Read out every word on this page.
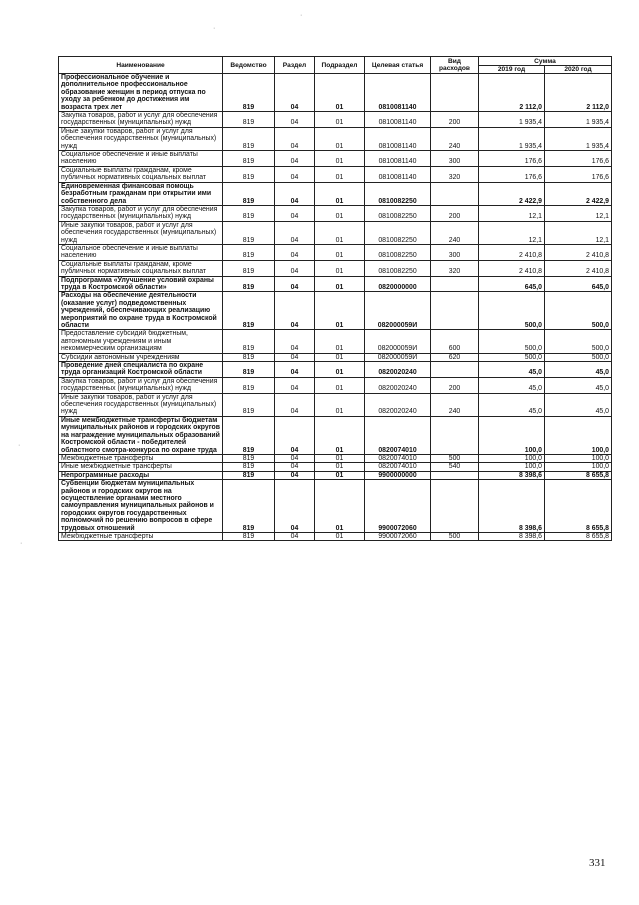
·
·
·
·
Наименование	Ведомство	Раздел	Подраздел	Целевая статья	Вид расходов	Сумма	
						2019 год	2020 год
Профессиональное обучение и дополнительное профессиональное образование женщин в период отпуска по уходу за ребенком до достижения им возраста трех лет	819	04	01	0810081140		2 112,0	2 112,0
Закупка товаров, работ и услуг для обеспечения государственных (муниципальных) нужд	819	04	01	0810081140	200	1 935,4	1 935,4
Иные закупки товаров, работ и услуг для обеспечения государственных (муниципальных) нужд	819	04	01	0810081140	240	1 935,4	1 935,4
Социальное обеспечение и иные выплаты населению	819	04	01	0810081140	300	176,6	176,6
Социальные выплаты гражданам, кроме публичных нормативных социальных выплат	819	04	01	0810081140	320	176,6	176,6
Единовременная финансовая помощь безработным гражданам при открытии ими собственного дела	819	04	01	0810082250		2 422,9	2 422,9
Закупка товаров, работ и услуг для обеспечения государственных (муниципальных) нужд	819	04	01	0810082250	200	12,1	12,1
Иные закупки товаров, работ и услуг для обеспечения государственных (муниципальных) нужд	819	04	01	0810082250	240	12,1	12,1
Социальное обеспечение и иные выплаты населению	819	04	01	0810082250	300	2 410,8	2 410,8
Социальные выплаты гражданам, кроме публичных нормативных социальных выплат	819	04	01	0810082250	320	2 410,8	2 410,8
Подпрограмма «Улучшение условий охраны труда в Костромской области»	819	04	01	0820000000		645,0	645,0
Расходы на обеспечение деятельности (оказание услуг) подведомственных учреждений, обеспечивающих реализацию мероприятий по охране труда в Костромской области	819	04	01	082000059И		500,0	500,0
Предоставление субсидий бюджетным, автономным учреждениям и иным некоммерческим организациям	819	04	01	082000059И	600	500,0	500,0
Субсидии автономным учреждениям	819	04	01	082000059И	620	500,0	500,0
Проведение дней специалиста по охране труда организаций Костромской области	819	04	01	0820020240		45,0	45,0
Закупка товаров, работ и услуг для обеспечения государственных (муниципальных) нужд	819	04	01	0820020240	200	45,0	45,0
Иные закупки товаров, работ и услуг для обеспечения государственных (муниципальных) нужд	819	04	01	0820020240	240	45,0	45,0
Иные межбюджетные трансферты бюджетам муниципальных районов и городских округов на награждение муниципальных образований Костромской области - победителей областного смотра-конкурса по охране труда	819	04	01	0820074010		100,0	100,0
Межбюджетные трансферты	819	04	01	0820074010	500	100,0	100,0
Иные межбюджетные трансферты	819	04	01	0820074010	540	100,0	100,0
Непрограммные расходы	819	04	01	9900000000		8 398,6	8 655,8
Субвенции бюджетам муниципальных районов и городских округов на осуществление органами местного самоуправления муниципальных районов и городских округов государственных полномочий по решению вопросов в сфере трудовых отношений	819	04	01	9900072060		8 398,6	8 655,8
Межбюджетные трансферты	819	04	01	9900072060	500	8 398,6	8 655,8
331
